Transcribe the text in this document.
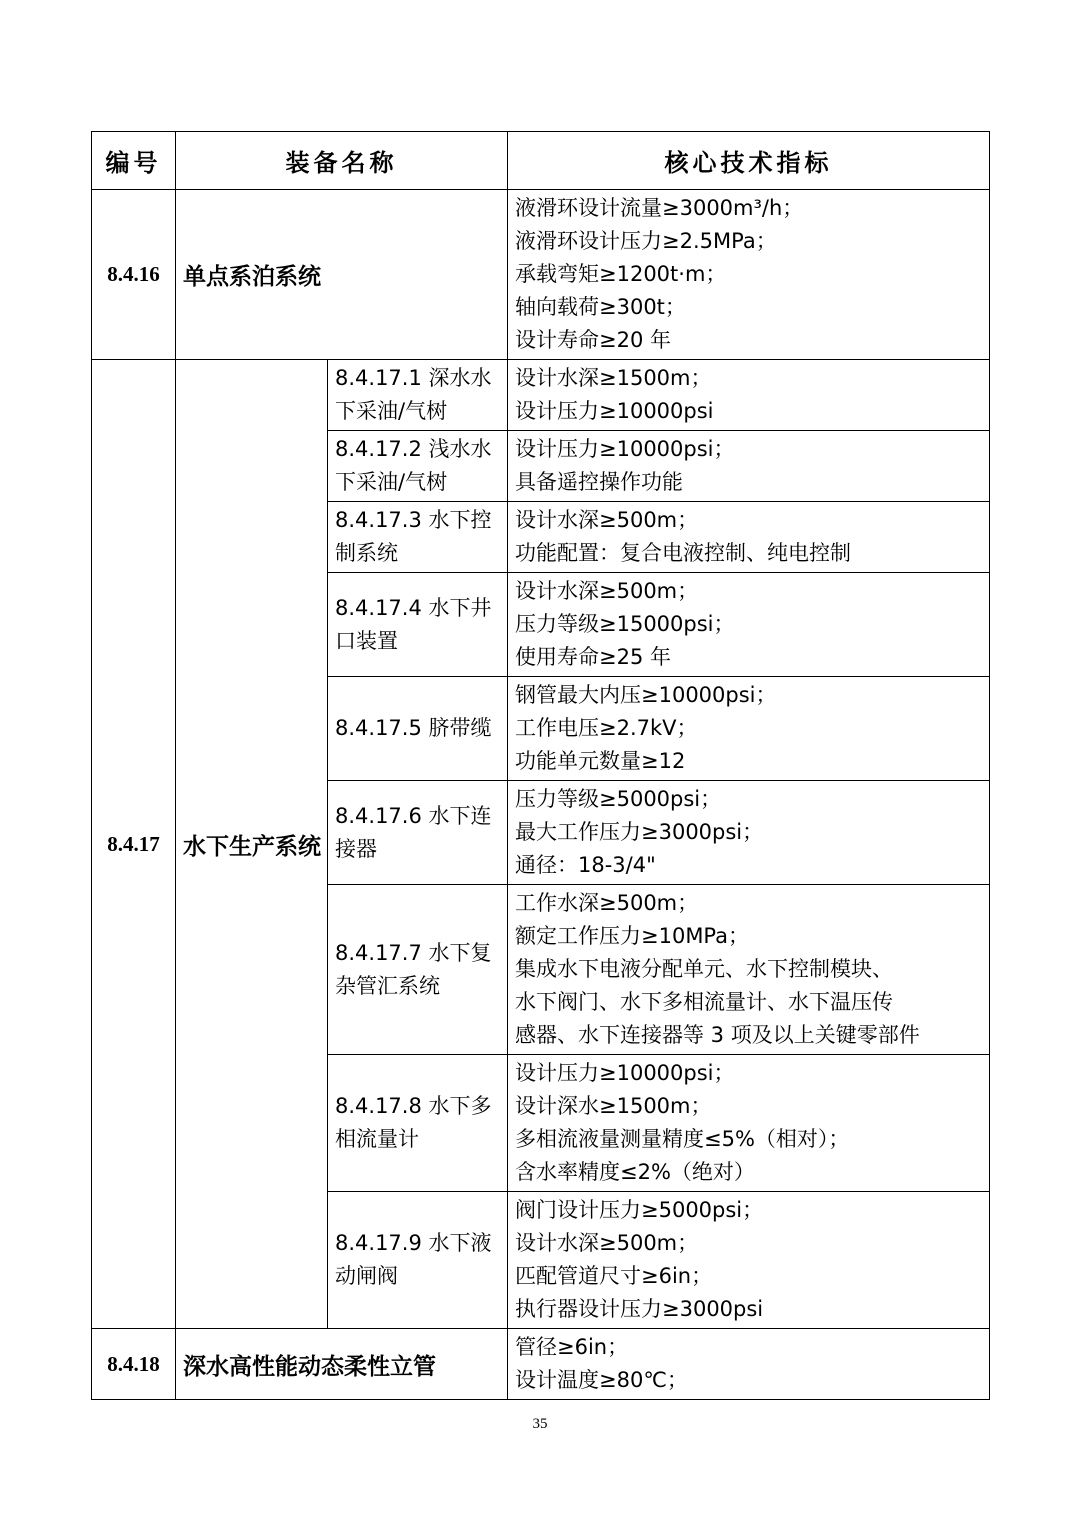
编号	装备名称		核心技术指标
8.4.16	单点系泊系统		液滑环设计流量≥3000m³/h；
液滑环设计压力≥2.5MPa；
承载弯矩≥1200t·m；
轴向载荷≥300t；
设计寿命≥20 年

8.4.17	水下生产系统	8.4.17.1 深水水下采油/气树	设计水深≥1500m；
设计压力≥10000psi

		8.4.17.2 浅水水下采油/气树	设计压力≥10000psi；
具备遥控操作功能

		8.4.17.3 水下控制系统	设计水深≥500m；
功能配置：复合电液控制、纯电控制

		8.4.17.4 水下井口装置	设计水深≥500m；
压力等级≥15000psi；
使用寿命≥25 年

		8.4.17.5 脐带缆	钢管最大内压≥10000psi；
工作电压≥2.7kV；
功能单元数量≥12

		8.4.17.6 水下连接器	压力等级≥5000psi；
最大工作压力≥3000psi；
通径：18-3/4"

		8.4.17.7 水下复杂管汇系统	工作水深≥500m；
额定工作压力≥10MPa；
集成水下电液分配单元、水下控制模块、
水下阀门、水下多相流量计、水下温压传
感器、水下连接器等 3 项及以上关键零部件

		8.4.17.8 水下多相流量计	设计压力≥10000psi；
设计深水≥1500m；
多相流液量测量精度≤5%（相对）；
含水率精度≤2%（绝对）

		8.4.17.9 水下液动闸阀	阀门设计压力≥5000psi；
设计水深≥500m；
匹配管道尺寸≥6in；
执行器设计压力≥3000psi

8.4.18	深水高性能动态柔性立管		管径≥6in；
设计温度≥80℃；
35
